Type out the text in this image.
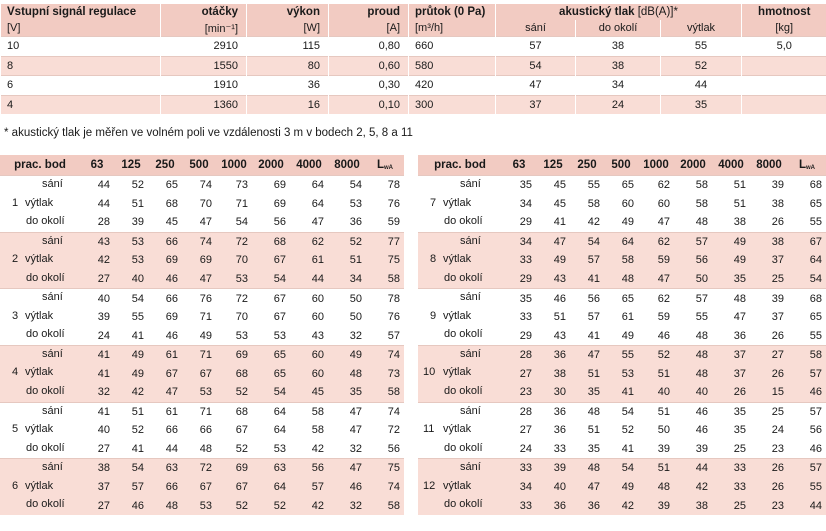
Vstupní signál regulace	otáčky	výkon	proud	průtok (0 Pa)	akustický tlak [dB(A)]*			hmotnost
[V]	[min⁻¹]	[W]	[A]	[m³/h]	sání	do okolí	výtlak	[kg]
10	2910	115	0,80	660	57	38	55	5,0
8	1550	80	0,60	580	54	38	52	
6	1910	36	0,30	420	47	34	44	
4	1360	16	0,10	300	37	24	35	
* akustický tlak je měřen ve volném poli ve vzdálenosti 3 m v bodech 2, 5, 8 a 11
prac. bod	63	125	250	500	1000	2000	4000	8000	$L_{wA}$

sání	44	52	65	74	73	69	64	54	78

1 výtlak	44	51	68	70	71	69	64	53	76

do okolí	28	39	45	47	54	56	47	36	59

sání	43	53	66	74	72	68	62	52	77

2 výtlak	42	53	69	69	70	67	61	51	75

do okolí	27	40	46	47	53	54	44	34	58

sání	40	54	66	76	72	67	60	50	78

3 výtlak	39	55	69	71	70	67	60	50	76

do okolí	24	41	46	49	53	53	43	32	57

sání	41	49	61	71	69	65	60	49	74

4 výtlak	41	49	67	67	68	65	60	48	73

do okolí	32	42	47	53	52	54	45	35	58

sání	41	51	61	71	68	64	58	47	74

5 výtlak	40	52	66	66	67	64	58	47	72

do okolí	27	41	44	48	52	53	42	32	56

sání	38	54	63	72	69	63	56	47	75

6 výtlak	37	57	66	67	67	64	57	46	74

do okolí	27	46	48	53	52	52	42	32	58
prac. bod	63	125	250	500	1000	2000	4000	8000	$L_{wA}$

sání	35	45	55	65	62	58	51	39	68

7 výtlak	34	45	58	60	60	58	51	38	65

do okolí	29	41	42	49	47	48	38	26	55

sání	34	47	54	64	62	57	49	38	67

8 výtlak	33	49	57	58	59	56	49	37	64

do okolí	29	43	41	48	47	50	35	25	54

sání	35	46	56	65	62	57	48	39	68

9 výtlak	33	51	57	61	59	55	47	37	65

do okolí	29	43	41	49	46	48	36	26	55

sání	28	36	47	55	52	48	37	27	58

10 výtlak	27	38	51	53	51	48	37	26	57

do okolí	23	30	35	41	40	40	26	15	46

sání	28	36	48	54	51	46	35	25	57

11 výtlak	27	36	51	52	50	46	35	24	56

do okolí	24	33	35	41	39	39	25	23	46

sání	33	39	48	54	51	44	33	26	57

12 výtlak	34	40	47	49	48	42	33	26	55

do okolí	33	36	36	42	39	38	25	23	44
